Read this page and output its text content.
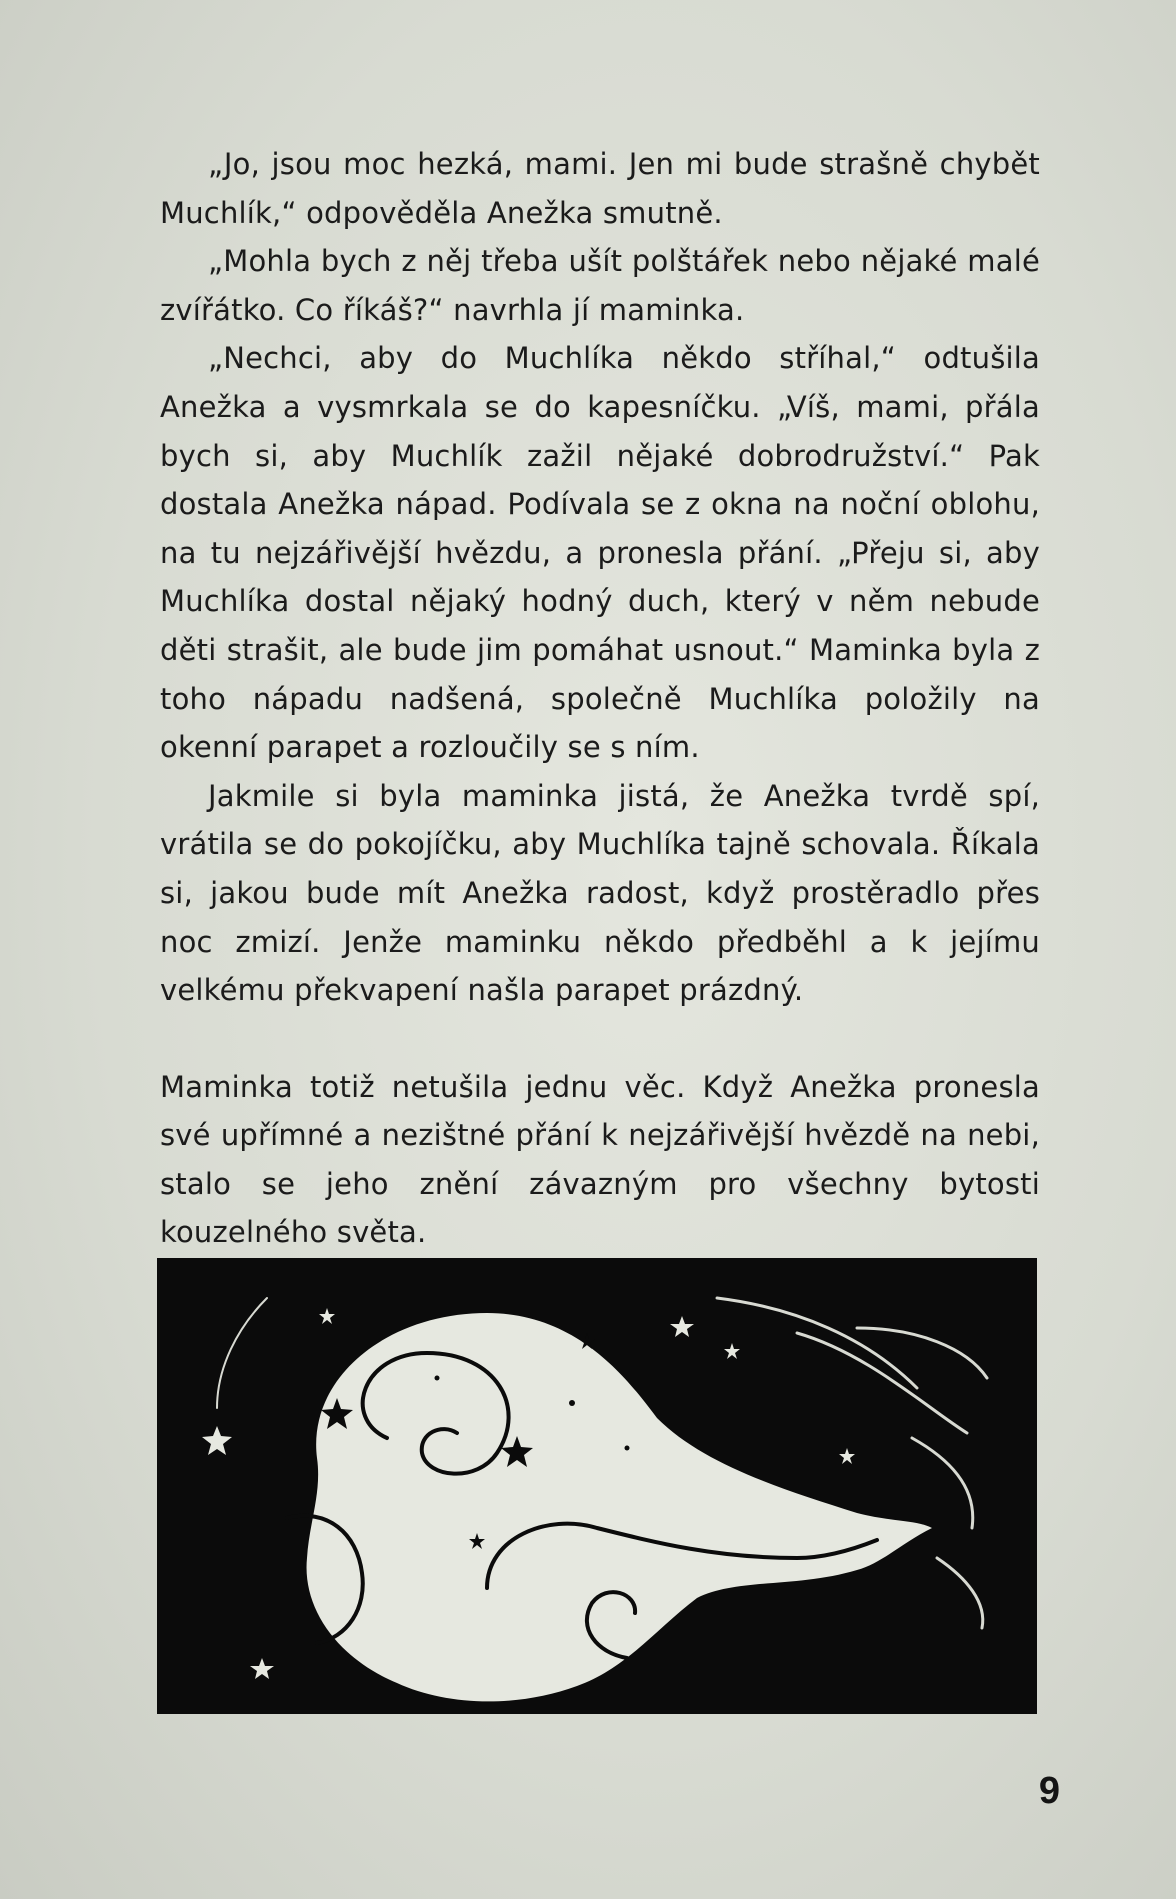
„Jo, jsou moc hezká, mami. Jen mi bude strašně chybět Muchlík,“ odpověděla Anežka smutně.

„Mohla bych z něj třeba ušít polštářek nebo nějaké malé zvířátko. Co říkáš?“ navrhla jí maminka.

„Nechci, aby do Muchlíka někdo stříhal,“ odtušila Anežka a vysmrkala se do kapesníčku. „Víš, mami, přála bych si, aby Muchlík zažil nějaké dobrodružství.“ Pak dostala Anežka nápad. Podívala se z okna na noční oblohu, na tu nejzářivější hvězdu, a pronesla přání. „Přeju si, aby Muchlíka dostal nějaký hodný duch, který v něm nebude děti strašit, ale bude jim pomáhat usnout.“ Maminka byla z toho nápadu nadšená, společně Muchlíka položily na okenní parapet a rozloučily se s ním.

Jakmile si byla maminka jistá, že Anežka tvrdě spí, vrátila se do pokojíčku, aby Muchlíka tajně schovala. Říkala si, jakou bude mít Anežka radost, když prostěradlo přes noc zmizí. Jenže maminku někdo předběhl a k jejímu velkému překvapení našla parapet prázdný.

Maminka totiž netušila jednu věc. Když Anežka pronesla své upřímné a nezištné přání k nejzářivější hvězdě na nebi, stalo se jeho znění závazným pro všechny bytosti kouzelného světa.

9
